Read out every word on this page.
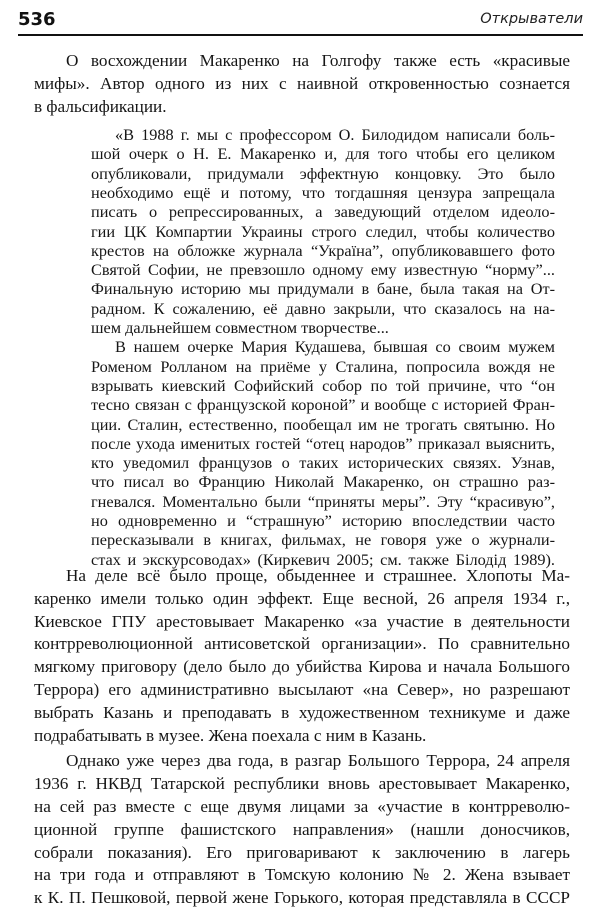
536	Открыватели
О восхождении Макаренко на Голгофу также есть «красивые
мифы». Автор одного из них с наивной откровенностью сознается
в фальсификации.
«В 1988 г. мы с профессором О. Билодидом написали боль-
шой очерк о Н. Е. Макаренко и, для того чтобы его целиком
опубликовали, придумали эффектную концовку. Это было
необходимо ещё и потому, что тогдашняя цензура запрещала
писать о репрессированных, а заведующий отделом идеоло-
гии ЦК Компартии Украины строго следил, чтобы количество
крестов на обложке журнала “Україна”, опубликовавшего фото
Святой Софии, не превзошло одному ему известную “норму”...
Финальную историю мы придумали в бане, была такая на От-
радном. К сожалению, её давно закрыли, что сказалось на на-
шем дальнейшем совместном творчестве...
В нашем очерке Мария Кудашева, бывшая со своим мужем
Роменом Ролланом на приёме у Сталина, попросила вождя не
взрывать киевский Софийский собор по той причине, что “он
тесно связан с французской короной” и вообще с историей Фран-
ции. Сталин, естественно, пообещал им не трогать святыню. Но
после ухода именитых гостей “отец народов” приказал выяснить,
кто уведомил французов о таких исторических связях. Узнав,
что писал во Францию Николай Макаренко, он страшно раз-
гневался. Моментально были “приняты меры”. Эту “красивую”,
но одновременно и “страшную” историю впоследствии часто
пересказывали в книгах, фильмах, не говоря уже о журнали-
стах и экскурсоводах» (Киркевич 2005; см. также Білодід 1989).
На деле всё было проще, обыденнее и страшнее. Хлопоты Ма-
каренко имели только один эффект. Еще весной, 26 апреля 1934 г.,
Киевское ГПУ арестовывает Макаренко «за участие в деятельности
контрреволюционной антисоветской организации». По сравнительно
мягкому приговору (дело было до убийства Кирова и начала Большого
Террора) его административно высылают «на Север», но разрешают
выбрать Казань и преподавать в художественном техникуме и даже
подрабатывать в музее. Жена поехала с ним в Казань.
Однако уже через два года, в разгар Большого Террора, 24 апреля
1936 г. НКВД Татарской республики вновь арестовывает Макаренко,
на сей раз вместе с еще двумя лицами за «участие в контрреволю-
ционной группе фашистского направления» (нашли доносчиков,
собрали показания). Его приговаривают к заключению в лагерь
на три года и отправляют в Томскую колонию № 2. Жена взывает
к К. П. Пешковой, первой жене Горького, которая представляла в СССР
